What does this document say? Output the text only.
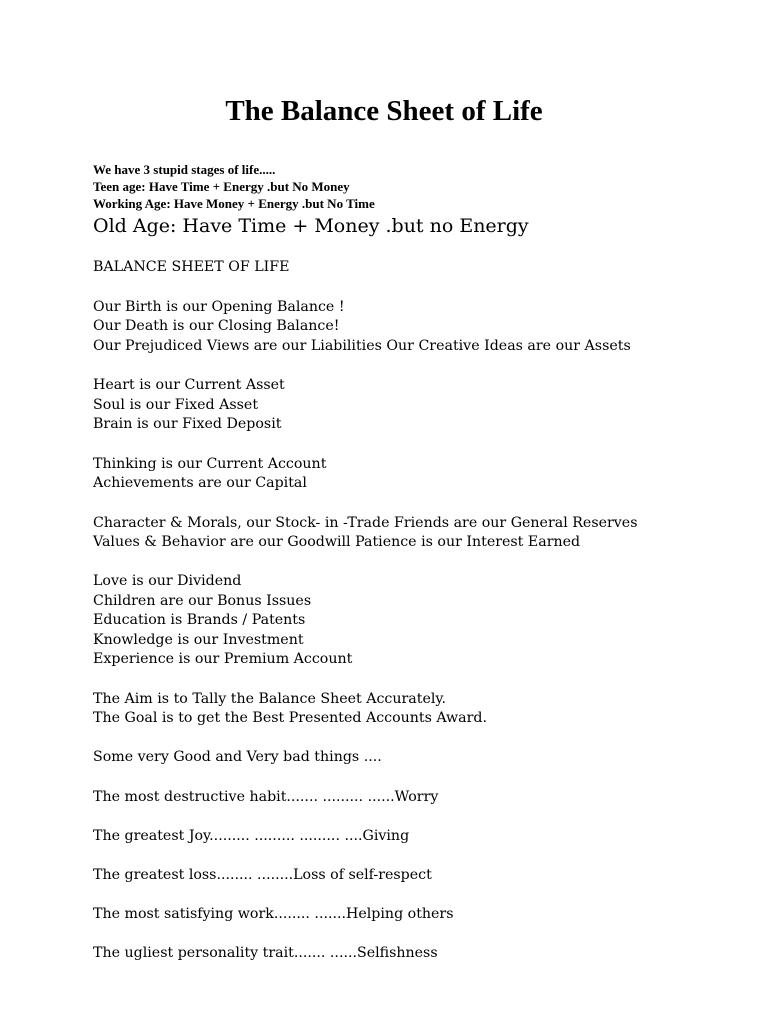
The Balance Sheet of Life

We have 3 stupid stages of life.....

Teen age: Have Time + Energy .but No Money

Working Age: Have Money + Energy .but No Time

Old Age: Have Time + Money .but no Energy

BALANCE SHEET OF LIFE

Our Birth is our Opening Balance !

Our Death is our Closing Balance!

Our Prejudiced Views are our Liabilities Our Creative Ideas are our Assets

Heart is our Current Asset

Soul is our Fixed Asset

Brain is our Fixed Deposit

Thinking is our Current Account

Achievements are our Capital

Character & Morals, our Stock- in -Trade Friends are our General Reserves

Values & Behavior are our Goodwill Patience is our Interest Earned

Love is our Dividend

Children are our Bonus Issues

Education is Brands / Patents

Knowledge is our Investment

Experience is our Premium Account

The Aim is to Tally the Balance Sheet Accurately.

The Goal is to get the Best Presented Accounts Award.

Some very Good and Very bad things ....

The most destructive habit....... ......... ......Worry

The greatest Joy......... ......... ......... ....Giving

The greatest loss........ ........Loss of self-respect

The most satisfying work........ .......Helping others

The ugliest personality trait....... ......Selfishness
